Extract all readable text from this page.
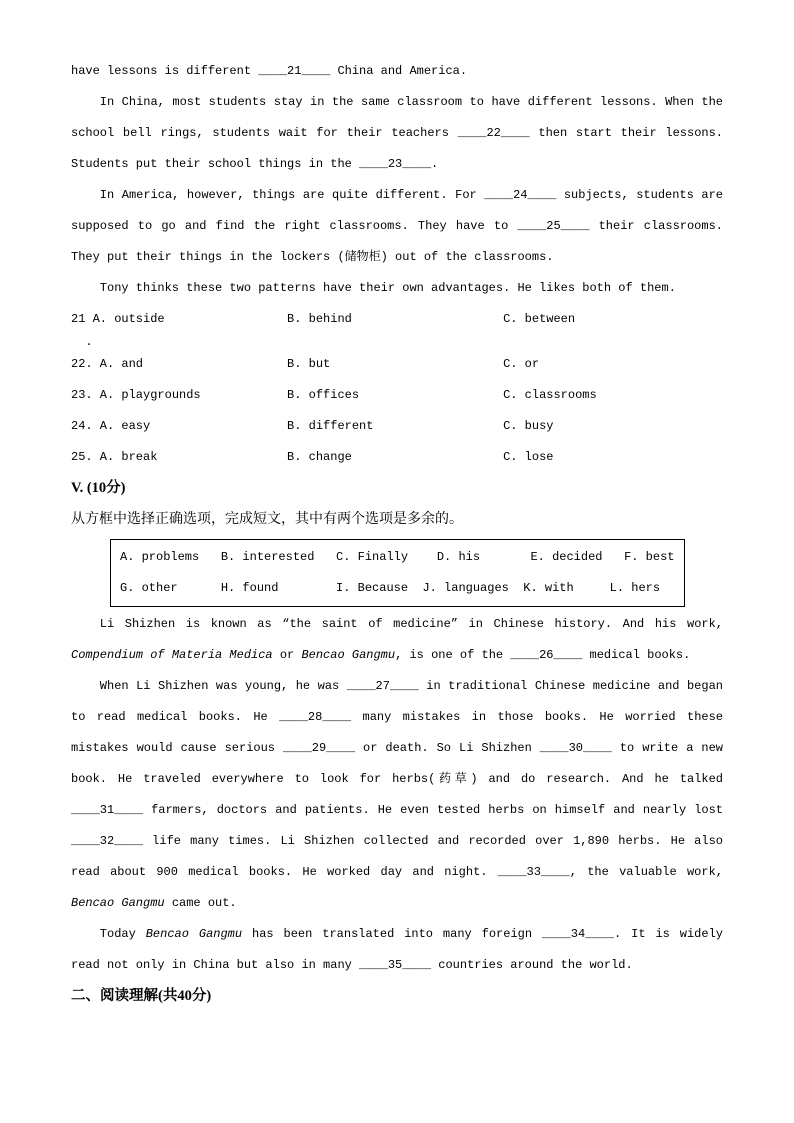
have lessons is different ____21____ China and America.

In China, most students stay in the same classroom to have different lessons. When the school bell rings, students wait for their teachers ____22____ then start their lessons. Students put their school things in the ____23____.

In America, however, things are quite different. For ____24____ subjects, students are supposed to go and find the right classrooms. They have to ____25____ their classrooms. They put their things in the lockers (储物柜) out of the classrooms.

Tony thinks these two patterns have their own advantages. He likes both of them.

21 A. outside                 B. behind                     C. between
.
22. A. and                    B. but                        C. or
23. A. playgrounds            B. offices                    C. classrooms
24. A. easy                   B. different                  C. busy
25. A. break                  B. change                     C. lose
V. (10分)
从方框中选择正确选项，完成短文，其中有两个选项是多余的。
A. problems   B. interested   C. Finally    D. his       E. decided   F. best
G. other      H. found        I. Because  J. languages  K. with     L. hers

Li Shizhen is known as “the saint of medicine” in Chinese history. And his work, Compendium of Materia Medica or Bencao Gangmu, is one of the ____26____ medical books.

When Li Shizhen was young, he was ____27____ in traditional Chinese medicine and began to read medical books. He ____28____ many mistakes in those books. He worried these mistakes would cause serious ____29____ or death. So Li Shizhen ____30____ to write a new book. He traveled everywhere to look for herbs(药草) and do research. And he talked ____31____ farmers, doctors and patients. He even tested herbs on himself and nearly lost ____32____ life many times. Li Shizhen collected and recorded over 1,890 herbs. He also read about 900 medical books. He worked day and night. ____33____, the valuable work, Bencao Gangmu came out.

Today Bencao Gangmu has been translated into many foreign ____34____. It is widely read not only in China but also in many ____35____ countries around the world.

二、阅读理解(共40分)
